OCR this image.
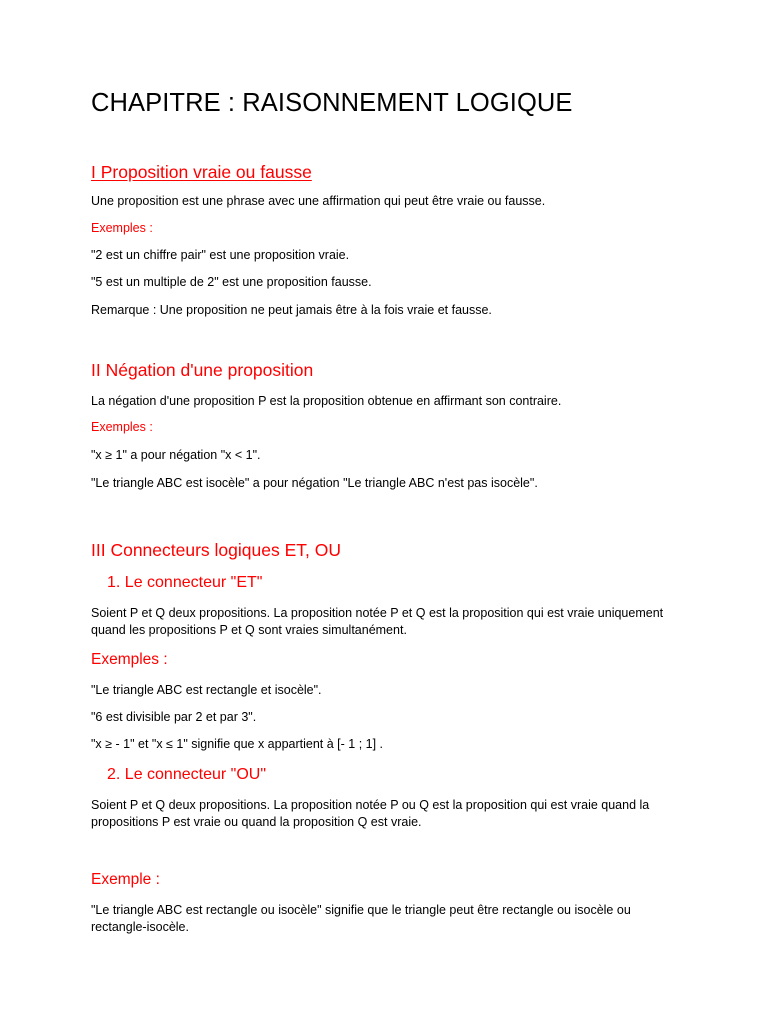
CHAPITRE : RAISONNEMENT LOGIQUE
I Proposition vraie ou fausse
Une proposition est une phrase avec une affirmation qui peut être vraie ou fausse.
Exemples :
"2 est un chiffre pair" est une proposition vraie.
"5 est un multiple de 2" est une proposition fausse.
Remarque : Une proposition ne peut jamais être à la fois vraie et fausse.
II Négation d'une proposition
La négation d'une proposition P est la proposition obtenue en affirmant son contraire.
Exemples :
"x ≥ 1" a pour négation "x < 1".
"Le triangle ABC est isocèle" a pour négation "Le triangle ABC n'est pas isocèle".
III Connecteurs logiques ET, OU
1. Le connecteur "ET"
Soient P et Q deux propositions. La proposition notée P et Q est la proposition qui est vraie uniquement quand les propositions P et Q sont vraies simultanément.
Exemples :
"Le triangle ABC est rectangle et isocèle".
"6 est divisible par 2 et par 3".
"x ≥ - 1" et "x ≤ 1" signifie que x appartient à [- 1 ; 1] .
2. Le connecteur "OU"
Soient P et Q deux propositions. La proposition notée P ou Q est la proposition qui est vraie quand la propositions P est vraie ou quand la proposition Q est vraie.
Exemple :
"Le triangle ABC est rectangle ou isocèle" signifie que le triangle peut être rectangle ou isocèle ou rectangle-isocèle.
